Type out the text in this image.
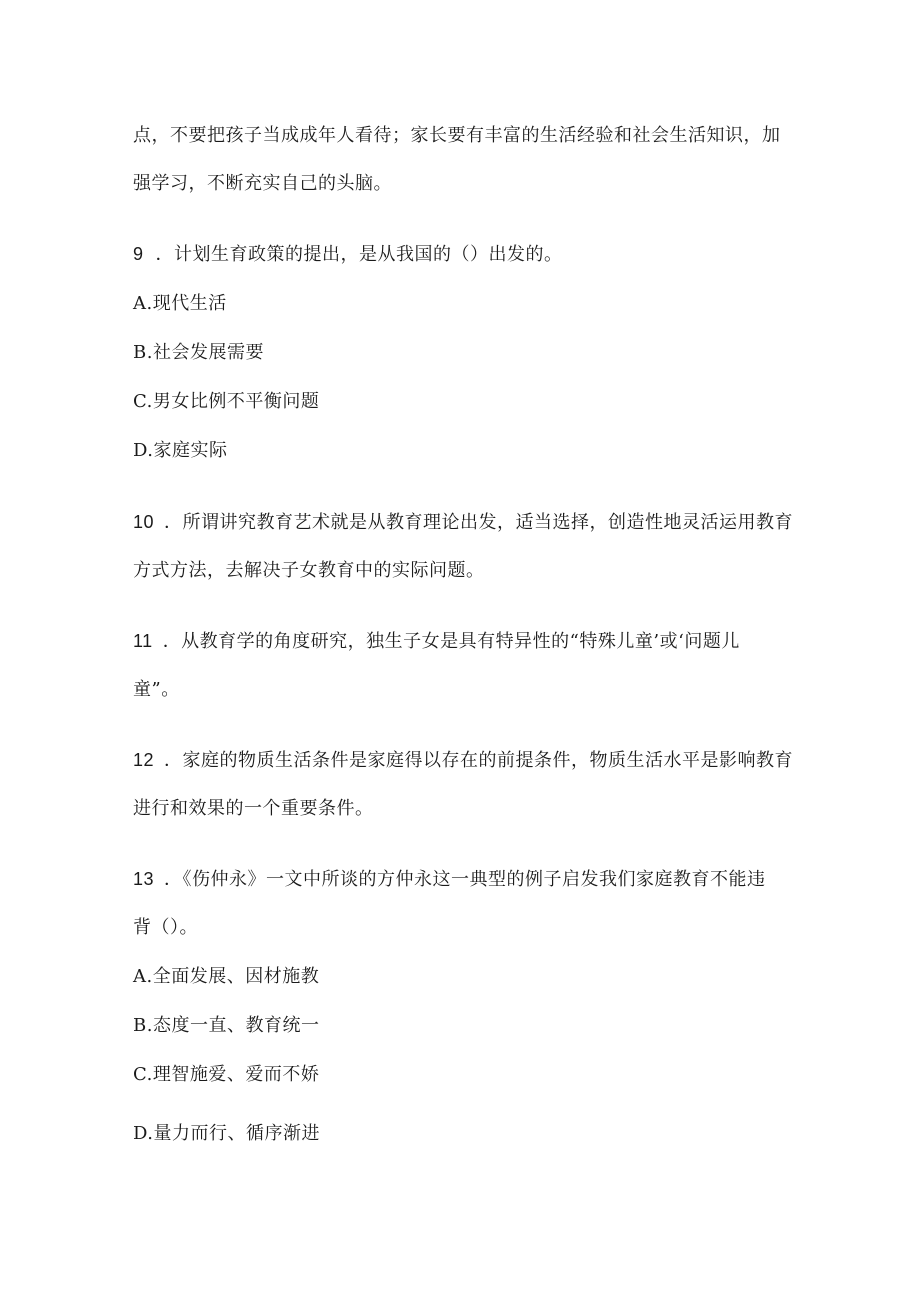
点，不要把孩子当成成年人看待；家长要有丰富的生活经验和社会生活知识，加
强学习，不断充实自己的头脑。
9 ．计划生育政策的提出，是从我国的（）出发的。
A.现代生活
B.社会发展需要
C.男女比例不平衡问题
D.家庭实际
10 ．所谓讲究教育艺术就是从教育理论出发，适当选择，创造性地灵活运用教育
方式方法，去解决子女教育中的实际问题。
11 ．从教育学的角度研究，独生子女是具有特异性的“特殊儿童’或‘问题儿
童”。
12 ．家庭的物质生活条件是家庭得以存在的前提条件，物质生活水平是影响教育
进行和效果的一个重要条件。
13 ．《伤仲永》一文中所谈的方仲永这一典型的例子启发我们家庭教育不能违
背（）。
A.全面发展、因材施教
B.态度一直、教育统一
C.理智施爱、爱而不娇
D.量力而行、循序渐进
